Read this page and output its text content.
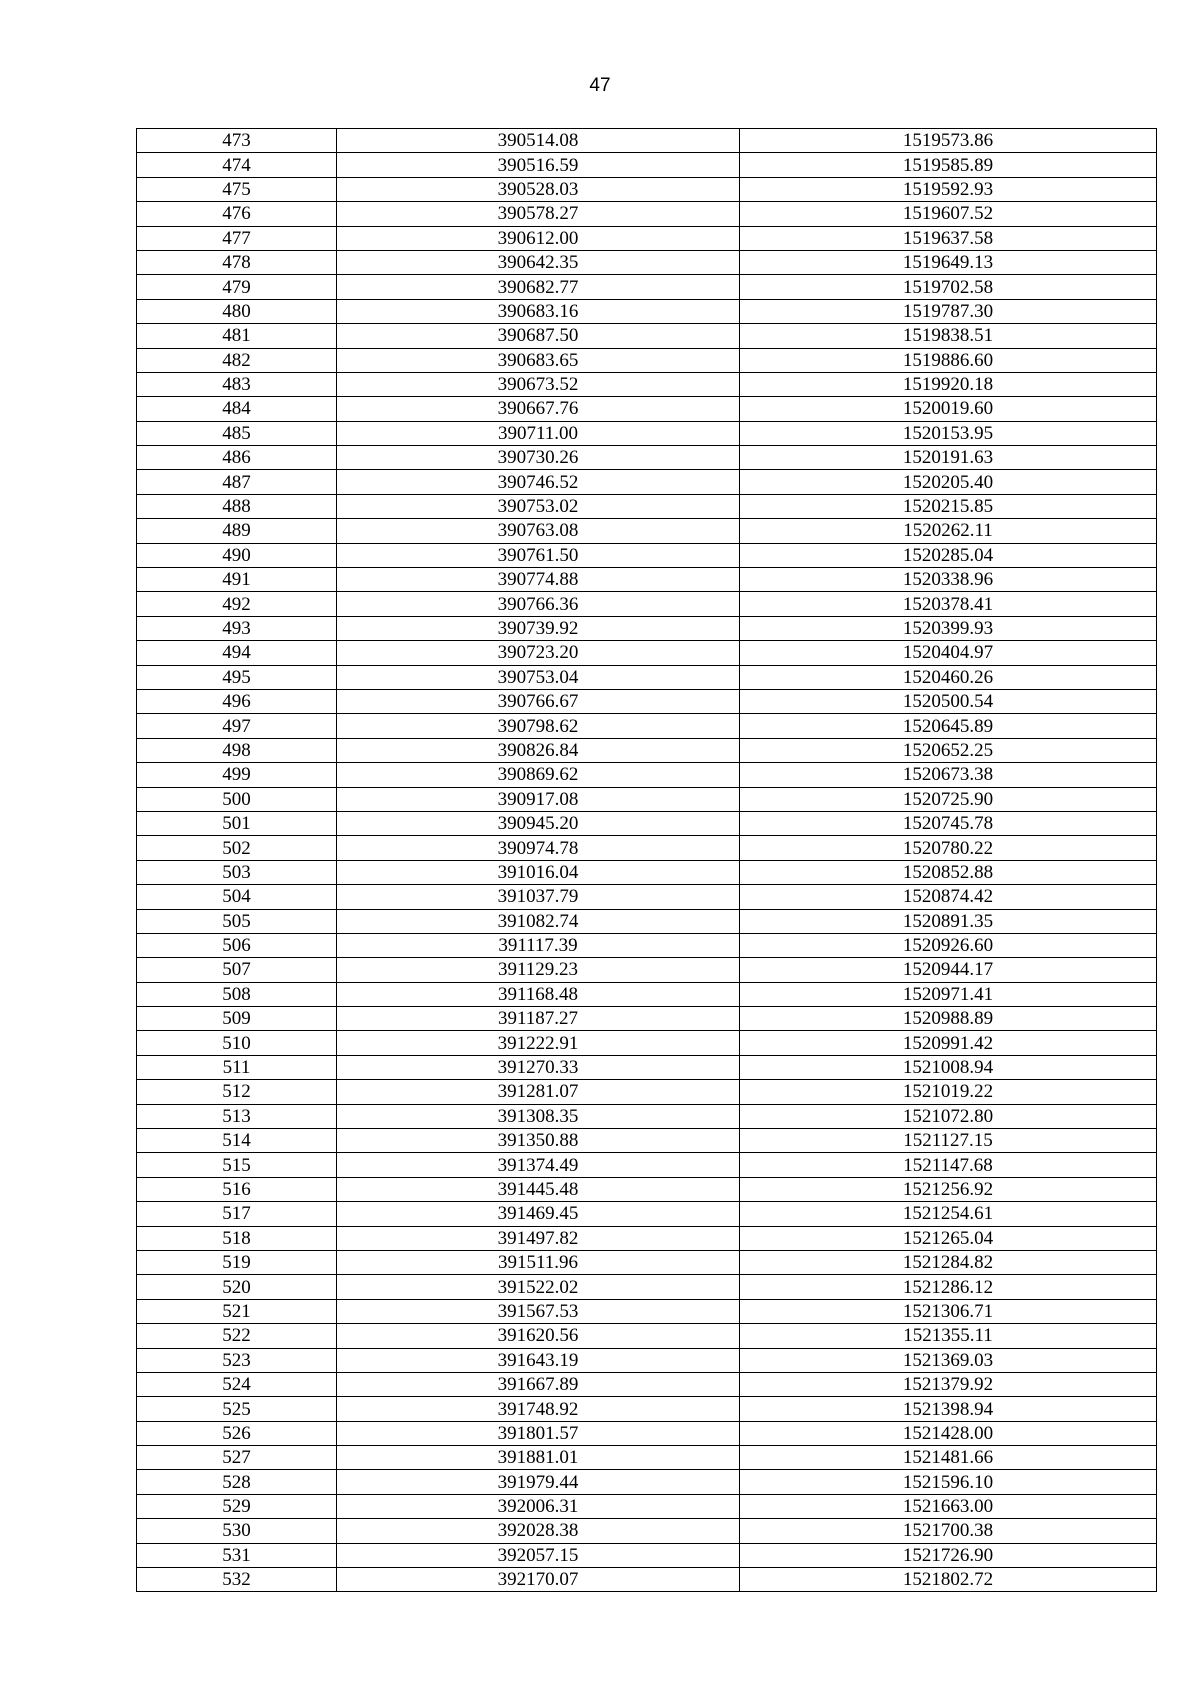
47
473	390514.08	1519573.86
474	390516.59	1519585.89
475	390528.03	1519592.93
476	390578.27	1519607.52
477	390612.00	1519637.58
478	390642.35	1519649.13
479	390682.77	1519702.58
480	390683.16	1519787.30
481	390687.50	1519838.51
482	390683.65	1519886.60
483	390673.52	1519920.18
484	390667.76	1520019.60
485	390711.00	1520153.95
486	390730.26	1520191.63
487	390746.52	1520205.40
488	390753.02	1520215.85
489	390763.08	1520262.11
490	390761.50	1520285.04
491	390774.88	1520338.96
492	390766.36	1520378.41
493	390739.92	1520399.93
494	390723.20	1520404.97
495	390753.04	1520460.26
496	390766.67	1520500.54
497	390798.62	1520645.89
498	390826.84	1520652.25
499	390869.62	1520673.38
500	390917.08	1520725.90
501	390945.20	1520745.78
502	390974.78	1520780.22
503	391016.04	1520852.88
504	391037.79	1520874.42
505	391082.74	1520891.35
506	391117.39	1520926.60
507	391129.23	1520944.17
508	391168.48	1520971.41
509	391187.27	1520988.89
510	391222.91	1520991.42
511	391270.33	1521008.94
512	391281.07	1521019.22
513	391308.35	1521072.80
514	391350.88	1521127.15
515	391374.49	1521147.68
516	391445.48	1521256.92
517	391469.45	1521254.61
518	391497.82	1521265.04
519	391511.96	1521284.82
520	391522.02	1521286.12
521	391567.53	1521306.71
522	391620.56	1521355.11
523	391643.19	1521369.03
524	391667.89	1521379.92
525	391748.92	1521398.94
526	391801.57	1521428.00
527	391881.01	1521481.66
528	391979.44	1521596.10
529	392006.31	1521663.00
530	392028.38	1521700.38
531	392057.15	1521726.90
532	392170.07	1521802.72
